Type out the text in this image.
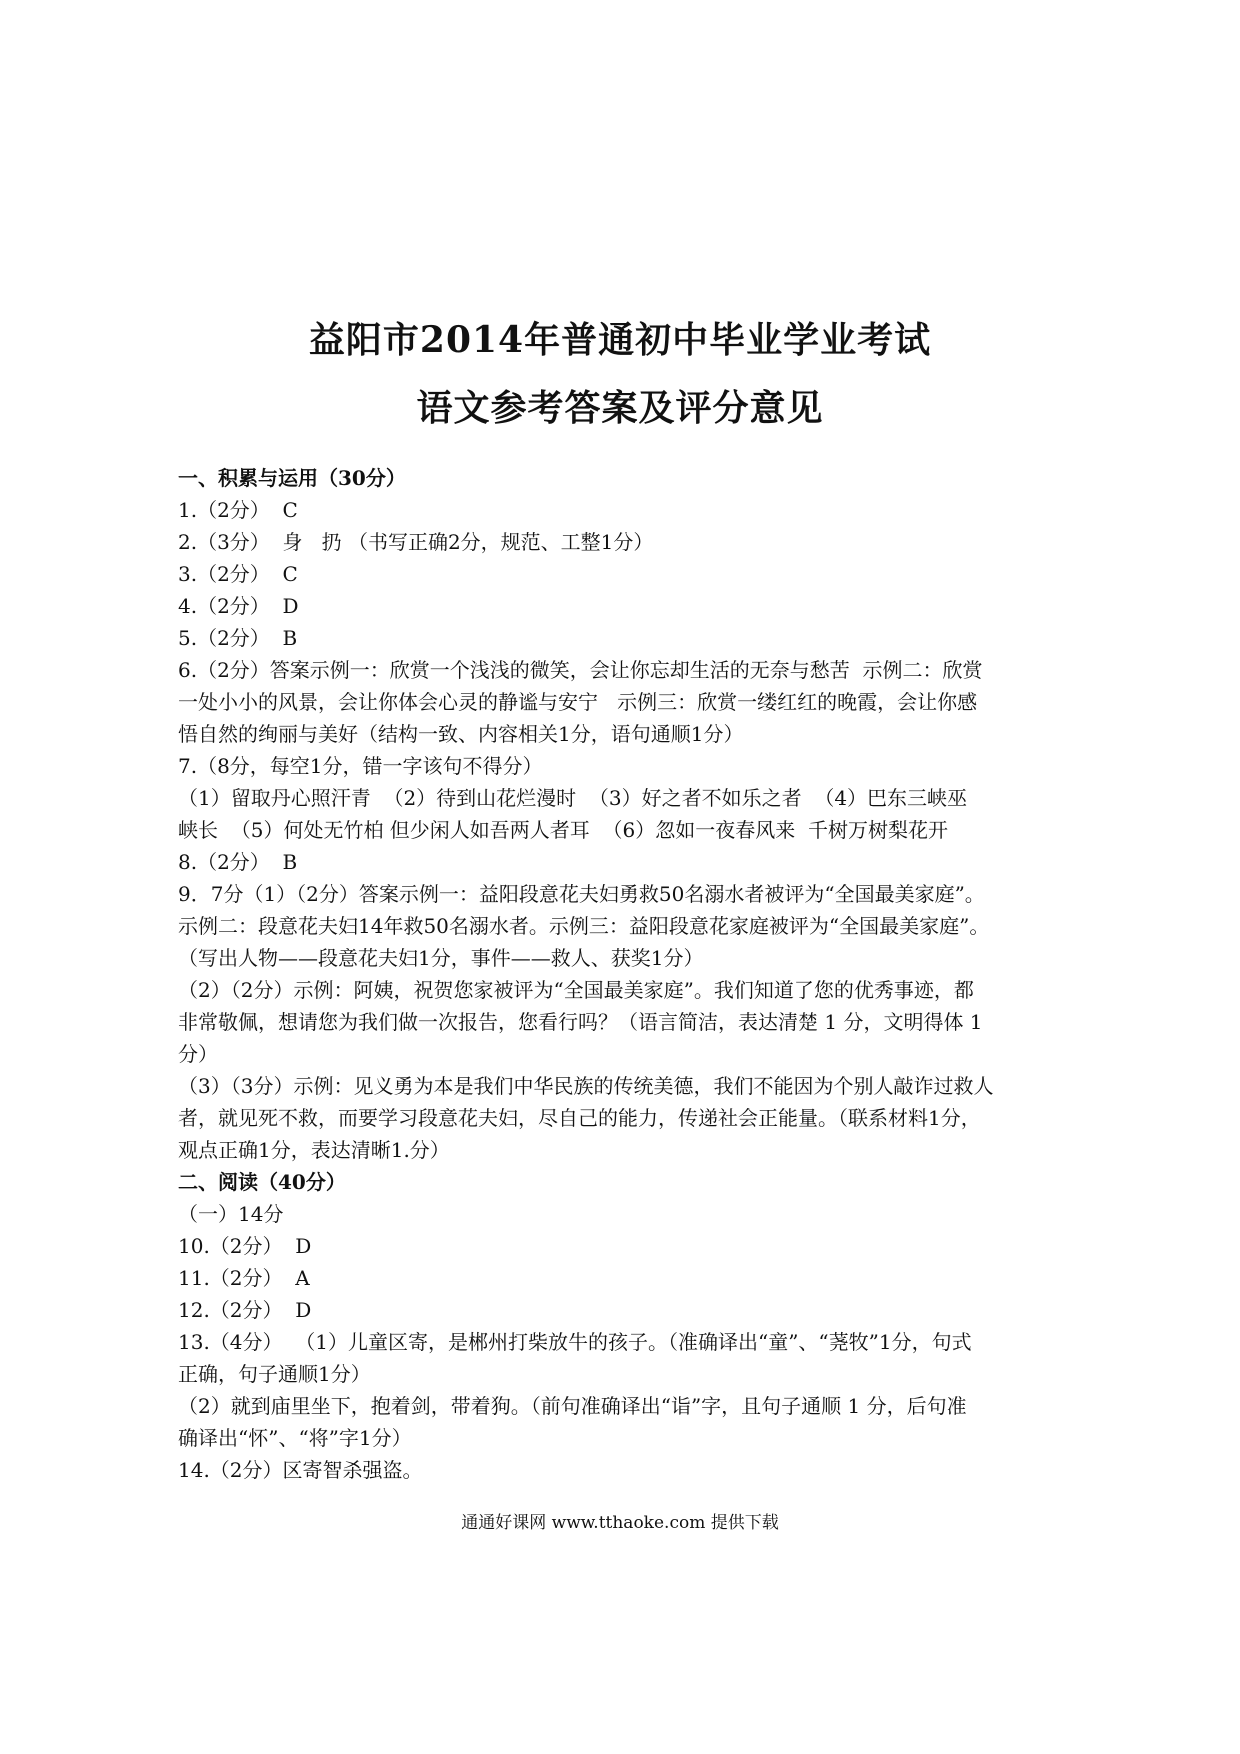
益阳市2014年普通初中毕业学业考试
语文参考答案及评分意见

一、积累与运用（30分）

1.（2分）  C

2.（3分）  身   扔 （书写正确2分，规范、工整1分）

3.（2分）  C

4.（2分）  D

5.（2分）  B

6.（2分）答案示例一：欣赏一个浅浅的微笑，会让你忘却生活的无奈与愁苦  示例二：欣赏

一处小小的风景，会让你体会心灵的静谧与安宁   示例三：欣赏一缕红红的晚霞，会让你感

悟自然的绚丽与美好（结构一致、内容相关1分，语句通顺1分）

7.（8分，每空1分，错一字该句不得分）

（1）留取丹心照汗青  （2）待到山花烂漫时  （3）好之者不如乐之者  （4）巴东三峡巫

峡长  （5）何处无竹柏 但少闲人如吾两人者耳  （6）忽如一夜春风来  千树万树梨花开

8.（2分）  B

9．7分（1）（2分）答案示例一：益阳段意花夫妇勇救50名溺水者被评为“全国最美家庭”。

示例二：段意花夫妇14年救50名溺水者。示例三：益阳段意花家庭被评为“全国最美家庭”。

（写出人物——段意花夫妇1分，事件——救人、获奖1分）

（2）（2分）示例：阿姨，祝贺您家被评为“全国最美家庭”。我们知道了您的优秀事迹，都

非常敬佩，想请您为我们做一次报告，您看行吗？（语言简洁，表达清楚 1 分，文明得体 1

分）

（3）（3分）示例：见义勇为本是我们中华民族的传统美德，我们不能因为个别人敲诈过救人

者，就见死不救，而要学习段意花夫妇，尽自己的能力，传递社会正能量。（联系材料1分，

观点正确1分，表达清晰1.分）

二、阅读（40分）

（一）14分

10.（2分）  D

11.（2分）  A

12.（2分）  D

13.（4分）  （1）儿童区寄，是郴州打柴放牛的孩子。（准确译出“童”、“荛牧”1分，句式

正确，句子通顺1分）

（2）就到庙里坐下，抱着剑，带着狗。（前句准确译出“诣”字，且句子通顺 1 分，后句准

确译出“怀”、“将”字1分）

14.（2分）区寄智杀强盗。

通通好课网 www.tthaoke.com 提供下载
